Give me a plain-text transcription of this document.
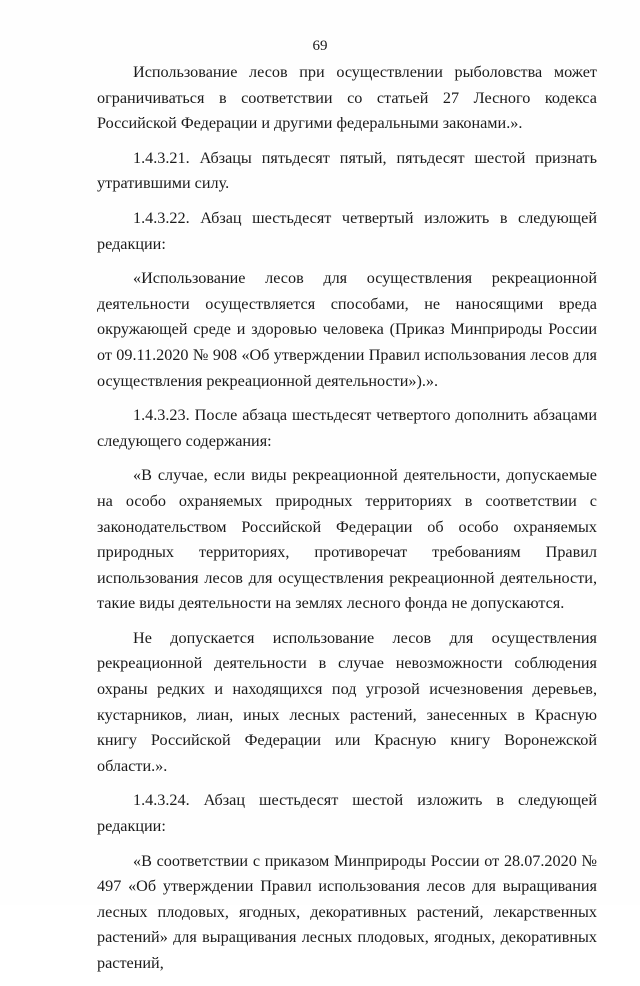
69

Использование лесов при осуществлении рыболовства может ограничиваться в соответствии со статьей 27 Лесного кодекса Российской Федерации и другими федеральными законами.».

1.4.3.21. Абзацы пятьдесят пятый, пятьдесят шестой признать утратившими силу.

1.4.3.22. Абзац шестьдесят четвертый изложить в следующей редакции:

«Использование лесов для осуществления рекреационной деятельности осуществляется способами, не наносящими вреда окружающей среде и здоровью человека (Приказ Минприроды России от 09.11.2020 № 908 «Об утверждении Правил использования лесов для осуществления рекреационной деятельности»).».

1.4.3.23. После абзаца шестьдесят четвертого дополнить абзацами следующего содержания:

«В случае, если виды рекреационной деятельности, допускаемые на особо охраняемых природных территориях в соответствии с законодательством Российской Федерации об особо охраняемых природных территориях, противоречат требованиям Правил использования лесов для осуществления рекреационной деятельности, такие виды деятельности на землях лесного фонда не допускаются.

Не допускается использование лесов для осуществления рекреационной деятельности в случае невозможности соблюдения охраны редких и находящихся под угрозой исчезновения деревьев, кустарников, лиан, иных лесных растений, занесенных в Красную книгу Российской Федерации или Красную книгу Воронежской области.».

1.4.3.24. Абзац шестьдесят шестой изложить в следующей редакции:

«В соответствии с приказом Минприроды России от 28.07.2020 № 497 «Об утверждении Правил использования лесов для выращивания лесных плодовых, ягодных, декоративных растений, лекарственных растений» для выращивания лесных плодовых, ягодных, декоративных растений,
